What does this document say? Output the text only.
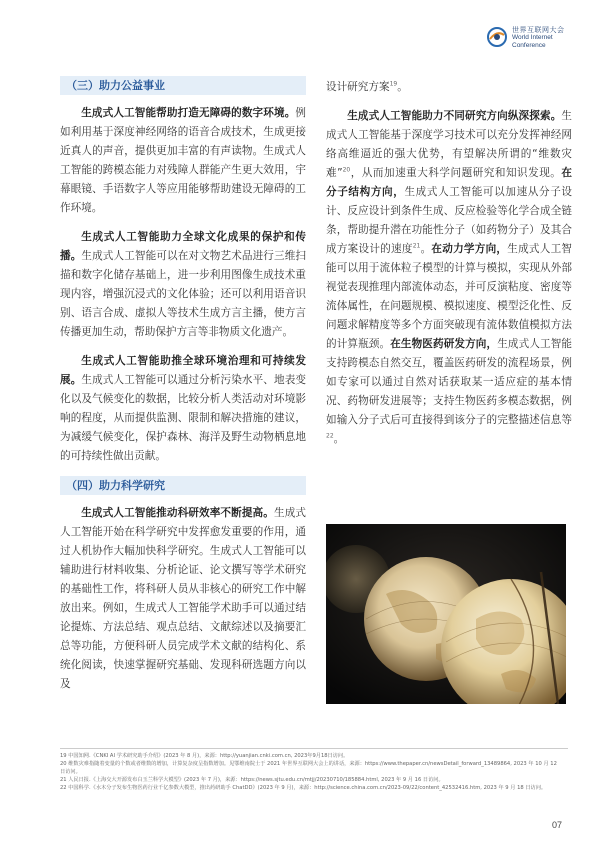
世界互联网大会
World Internet
Conference
（三）助力公益事业

生成式人工智能帮助打造无障碍的数字环境。例如利用基于深度神经网络的语音合成技术，生成更接近真人的声音，提供更加丰富的有声读物。生成式人工智能的跨模态能力对残障人群能产生更大效用，宇幕眼镜、手语数字人等应用能够帮助建设无障碍的工作环境。

生成式人工智能助力全球文化成果的保护和传播。生成式人工智能可以在对文物艺术品进行三维扫描和数字化储存基础上，进一步利用图像生成技术重现内容，增强沉浸式的文化体验；还可以利用语音识别、语言合成、虚拟人等技术生成方言主播，使方言传播更加生动，帮助保护方言等非物质文化遗产。

生成式人工智能助推全球环境治理和可持续发展。生成式人工智能可以通过分析污染水平、地表变化以及气候变化的数据，比较分析人类活动对环境影响的程度，从而提供监测、限制和解决措施的建议，为减缓气候变化，保护森林、海洋及野生动物栖息地的可持续性做出贡献。

（四）助力科学研究

生成式人工智能推动科研效率不断提高。生成式人工智能开始在科学研究中发挥愈发重要的作用，通过人机协作大幅加快科学研究。生成式人工智能可以辅助进行材料收集、分析论证、论文撰写等学术研究的基础性工作，将科研人员从非核心的研究工作中解放出来。例如，生成式人工智能学术助手可以通过结论提炼、方法总结、观点总结、文献综述以及摘要汇总等功能，方便科研人员完成学术文献的结构化、系统化阅读，快速掌握研究基础、发现科研选题方向以及

设计研究方案$^{19}$。

生成式人工智能助力不同研究方向纵深探索。生成式人工智能基于深度学习技术可以充分发挥神经网络高维逼近的强大优势，有望解决所谓的“维数灾难”$^{20}$，从而加速重大科学问题研究和知识发现。在分子结构方向，生成式人工智能可以加速从分子设计、反应设计到条件生成、反应检验等化学合成全链条，帮助提升潜在功能性分子（如药物分子）及其合成方案设计的速度$^{21}$。在动力学方向，生成式人工智能可以用于流体粒子模型的计算与模拟，实现从外部视觉表现推理内部流体动态，并可反演粘度、密度等流体属性，在问题规模、模拟速度、模型泛化性、反问题求解精度等多个方面突破现有流体数值模拟方法的计算瓶颈。在生物医药研发方向，生成式人工智能支持跨模态自然交互，覆盖医药研发的流程场景，例如专家可以通过自然对话获取某一适应症的基本情况、药物研发进展等；支持生物医药多模态数据，例如输入分子式后可直接得到该分子的完整描述信息等$^{22}$。

19 中国知网.《CNKI AI 学术研究助手介绍》(2023 年 8 月)，来源：http://yuanjian.cnki.com.cn, 2023年9月18日访问。
20 维数灾难指随着变量的个数或者维数的增加，计算复杂度呈指数增加。见鄂维南院士于 2021 年世界互联网大会上的讲话，来源：https://www.thepaper.cn/newsDetail_forward_13489864, 2023 年 10 月 12 日访问。
21 人民日报.《上海交大开源发布白玉兰科学大模型》(2023 年 7 月)，来源：https://news.sjtu.edu.cn/mtjj/20230710/185884.html, 2023 年 9 月 16 日访问。
22 中国科学.《水木分子发布生物医药行业千亿参数大模型，推出药研助手 ChatDD》(2023 年 9 月)，来源：http://science.china.com.cn/2023-09/22/content_42532416.htm, 2023 年 9 月 18 日访问。
07
